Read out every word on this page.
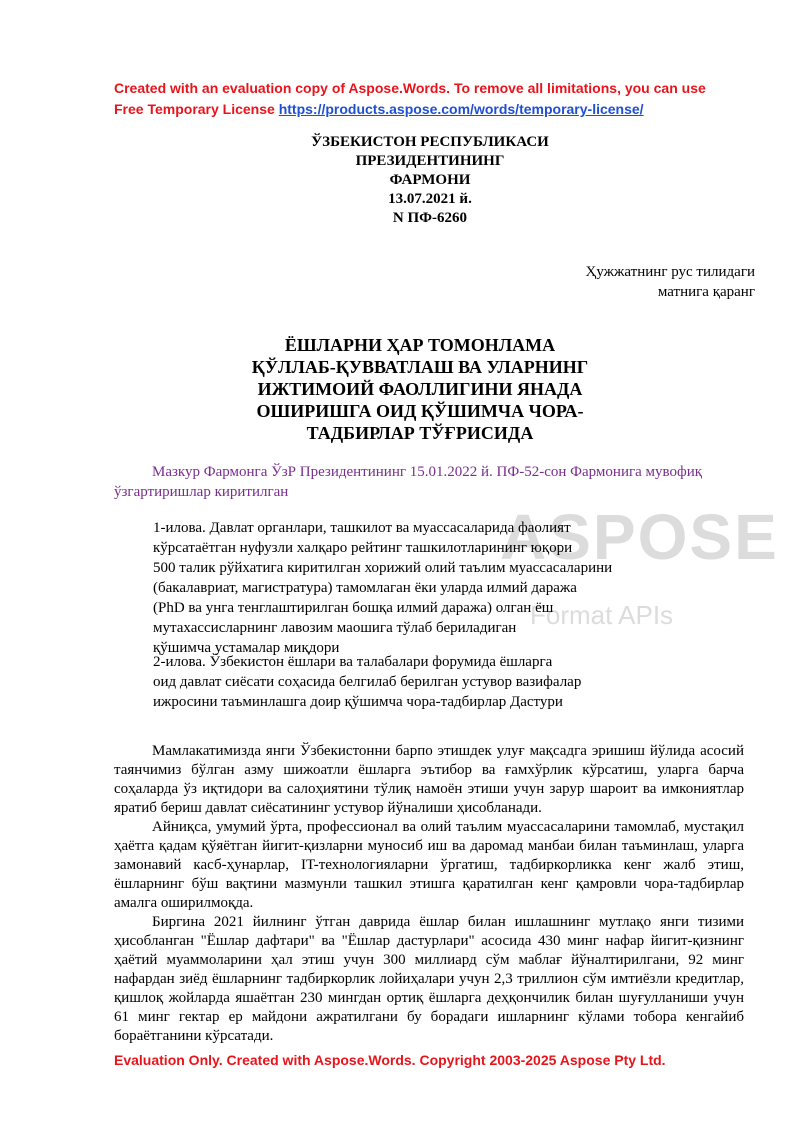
Created with an evaluation copy of Aspose.Words. To remove all limitations, you can use
Free Temporary License https://products.aspose.com/words/temporary-license/
ASPOSE
Format APIs
ЎЗБЕКИСТОН РЕСПУБЛИКАСИ
ПРЕЗИДЕНТИНИНГ
ФАРМОНИ
13.07.2021 й.
N ПФ-6260
Ҳужжатнинг рус тилидаги
матнига қаранг
ЁШЛАРНИ ҲАР ТОМОНЛАМА
ҚЎЛЛАБ-ҚУВВАТЛАШ ВА УЛАРНИНГ
ИЖТИМОИЙ ФАОЛЛИГИНИ ЯНАДА
ОШИРИШГА ОИД ҚЎШИМЧА ЧОРА-
ТАДБИРЛАР ТЎҒРИСИДА
Мазкур Фармонга ЎзР Президентининг 15.01.2022 й. ПФ-52-сон Фармонига мувофиқ ўзгартиришлар киритилган
1-илова. Давлат органлари, ташкилот ва муассасаларида фаолият
кўрсатаётган нуфузли халқаро рейтинг ташкилотларининг юқори
500 талик рўйхатига киритилган хорижий олий таълим муассасаларини
(бакалавриат, магистратура) тамомлаган ёки уларда илмий даража
(PhD ва унга тенглаштирилган бошқа илмий даража) олган ёш
мутахассисларнинг лавозим маошига тўлаб бериладиган
қўшимча устамалар миқдори
2-илова. Ўзбекистон ёшлари ва талабалари форумида ёшларга
оид давлат сиёсати соҳасида белгилаб берилган устувор вазифалар
ижросини таъминлашга доир қўшимча чора-тадбирлар Дастури

Мамлакатимизда янги Ўзбекистонни барпо этишдек улуғ мақсадга эришиш йўлида асосий таянчимиз бўлган азму шижоатли ёшларга эътибор ва ғамхўрлик кўрсатиш, уларга барча соҳаларда ўз иқтидори ва салоҳиятини тўлиқ намоён этиши учун зарур шароит ва имкониятлар яратиб бериш давлат сиёсатининг устувор йўналиши ҳисобланади.

Айниқса, умумий ўрта, профессионал ва олий таълим муассасаларини тамомлаб, мустақил ҳаётга қадам қўяётган йигит-қизларни муносиб иш ва даромад манбаи билан таъминлаш, уларга замонавий касб-ҳунарлар, IT-технологияларни ўргатиш, тадбиркорликка кенг жалб этиш, ёшларнинг бўш вақтини мазмунли ташкил этишга қаратилган кенг қамровли чора-тадбирлар амалга оширилмоқда.

Биргина 2021 йилнинг ўтган даврида ёшлар билан ишлашнинг мутлақо янги тизими ҳисобланган "Ёшлар дафтари" ва "Ёшлар дастурлари" асосида 430 минг нафар йигит-қизнинг ҳаётий муаммоларини ҳал этиш учун 300 миллиард сўм маблағ йўналтирилгани, 92 минг нафардан зиёд ёшларнинг тадбиркорлик лойиҳалари учун 2,3 триллион сўм имтиёзли кредитлар, қишлоқ жойларда яшаётган 230 мингдан ортиқ ёшларга деҳқончилик билан шуғулланиши учун 61 минг гектар ер майдони ажратилгани бу борадаги ишларнинг кўлами тобора кенгайиб бораётганини кўрсатади.

Evaluation Only. Created with Aspose.Words. Copyright 2003-2025 Aspose Pty Ltd.
